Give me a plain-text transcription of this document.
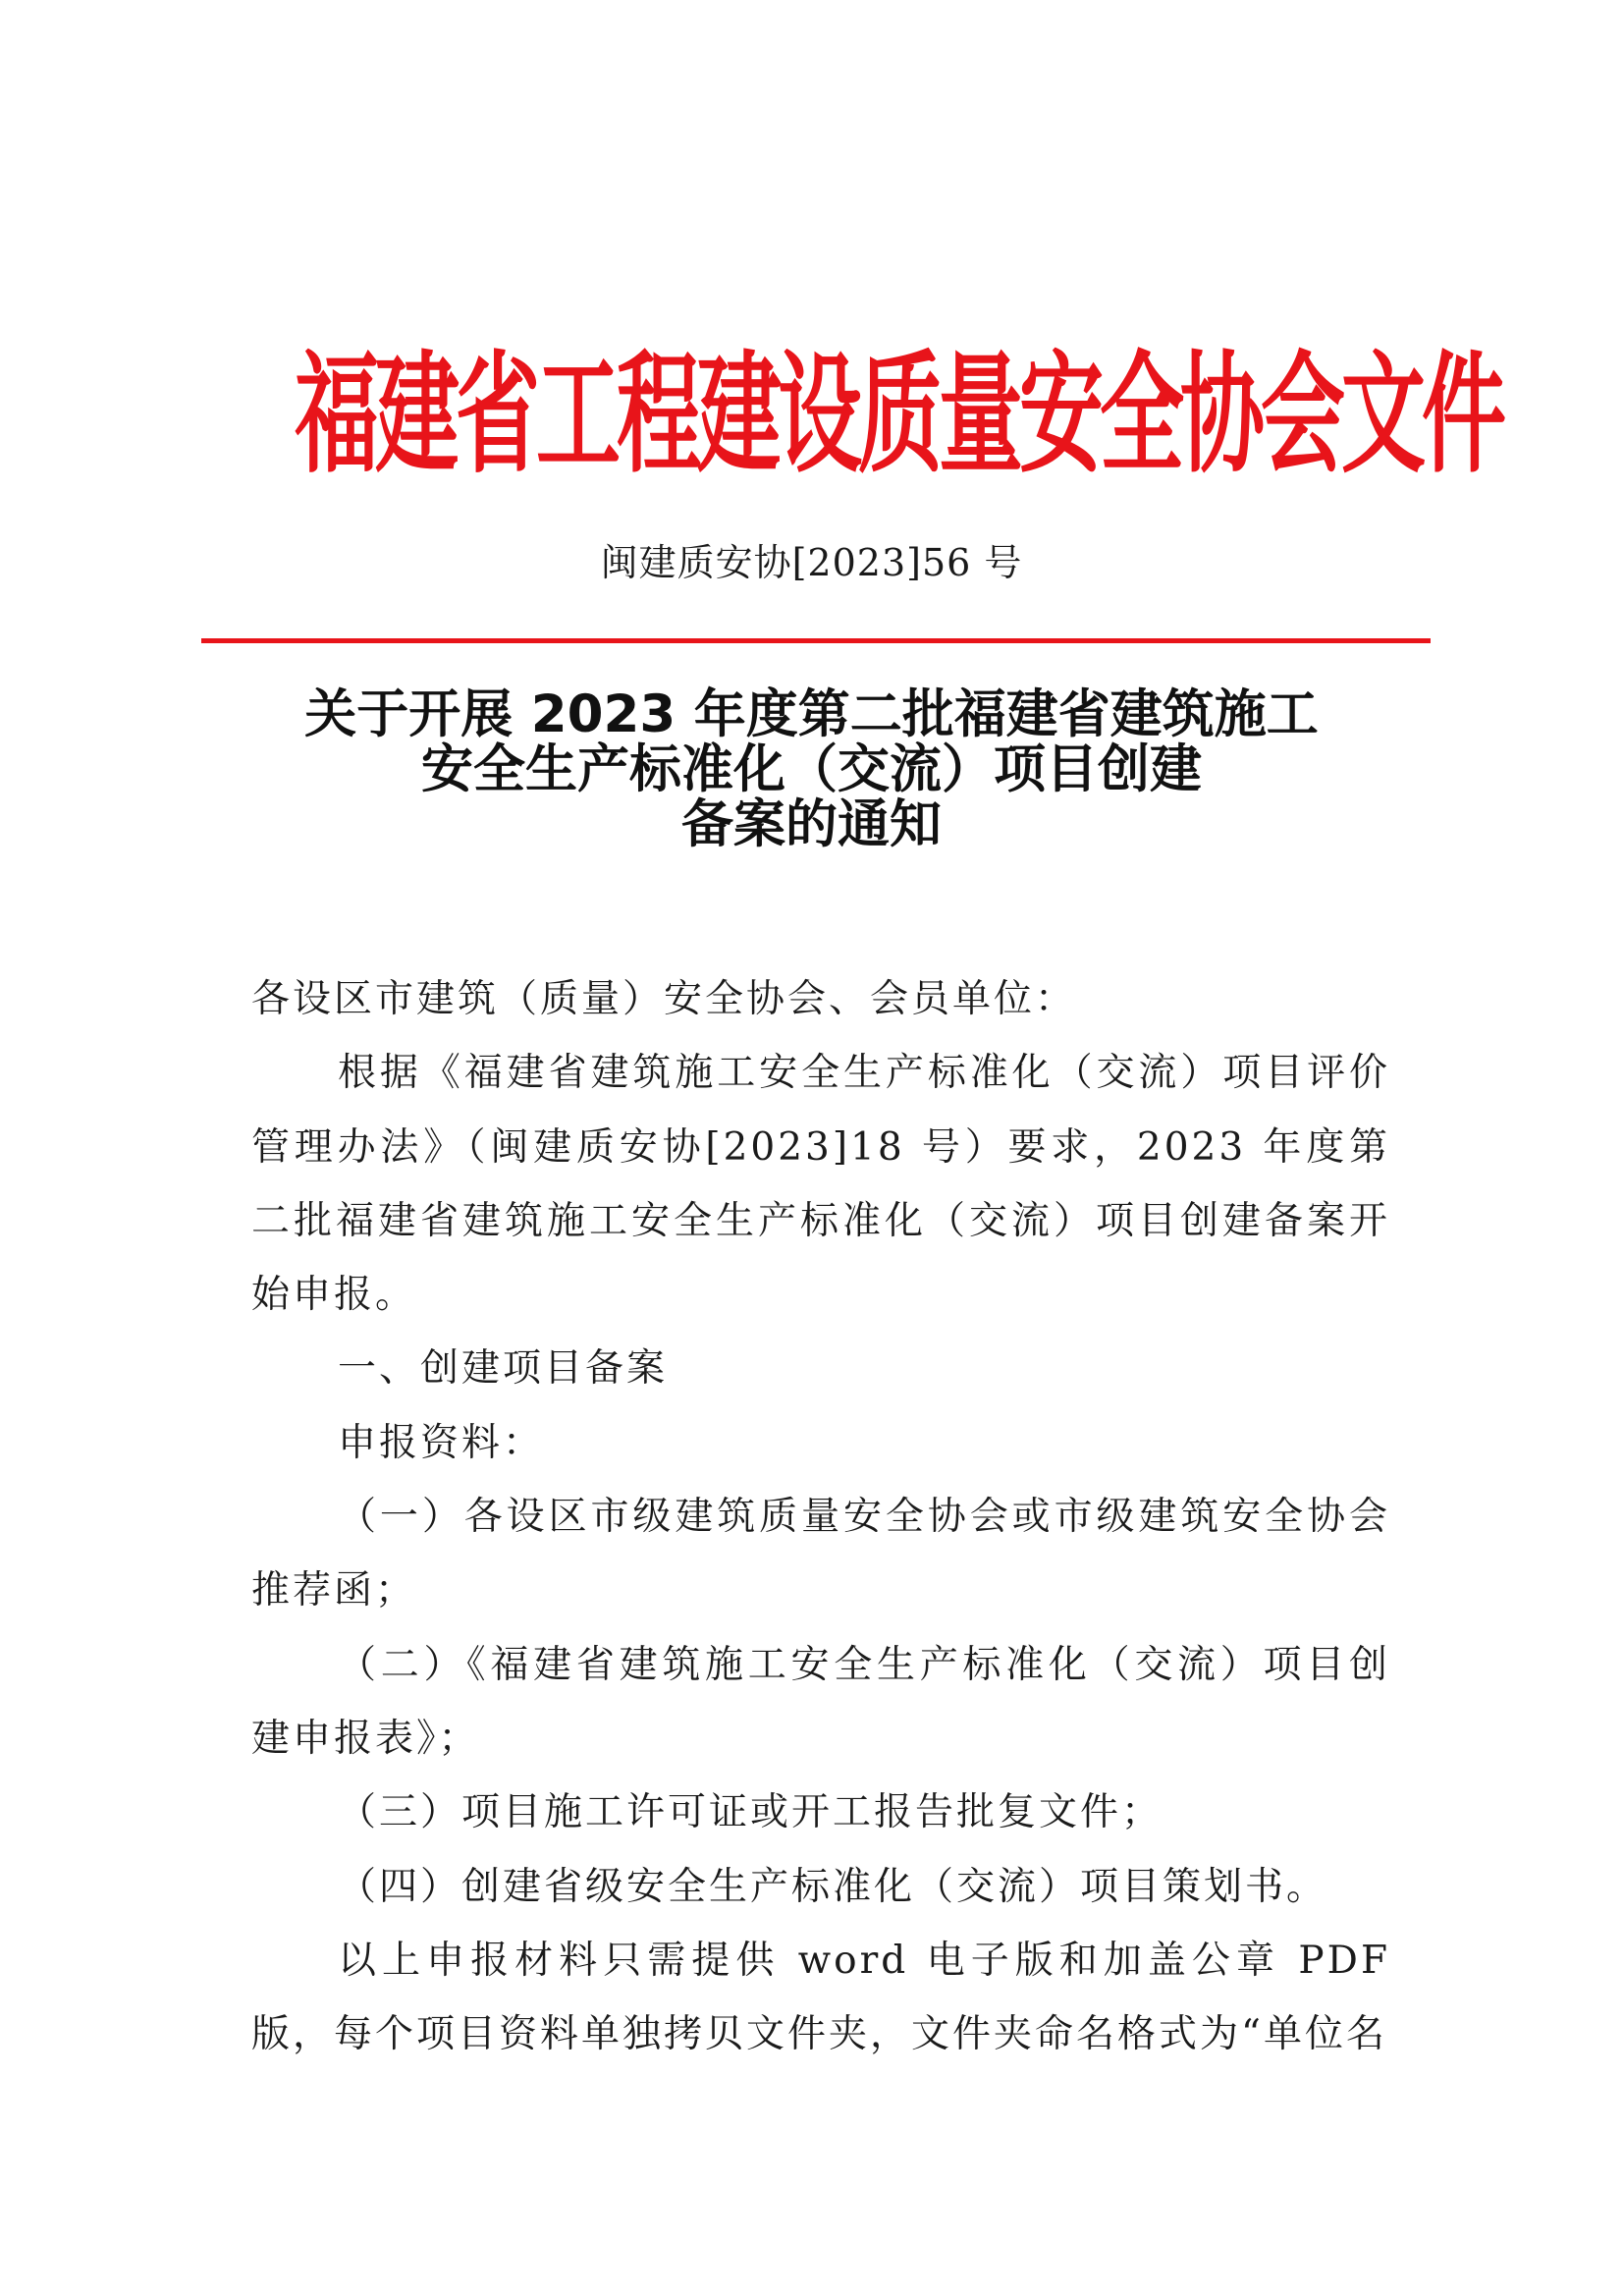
福建省工程建设质量安全协会文件
闽建质安协[2023]56 号
关于开展 2023 年度第二批福建省建筑施工
安全生产标准化（交流）项目创建
备案的通知

各设区市建筑（质量）安全协会、会员单位：

根据《福建省建筑施工安全生产标准化（交流）项目评价管理办法》（闽建质安协[2023]18 号）要求，2023 年度第二批福建省建筑施工安全生产标准化（交流）项目创建备案开始申报。

一、创建项目备案

申报资料：

（一）各设区市级建筑质量安全协会或市级建筑安全协会推荐函；

（二）《福建省建筑施工安全生产标准化（交流）项目创建申报表》；

（三）项目施工许可证或开工报告批复文件；

（四）创建省级安全生产标准化（交流）项目策划书。

以上申报材料只需提供 word 电子版和加盖公章 PDF 版，每个项目资料单独拷贝文件夹，文件夹命名格式为“单位名
